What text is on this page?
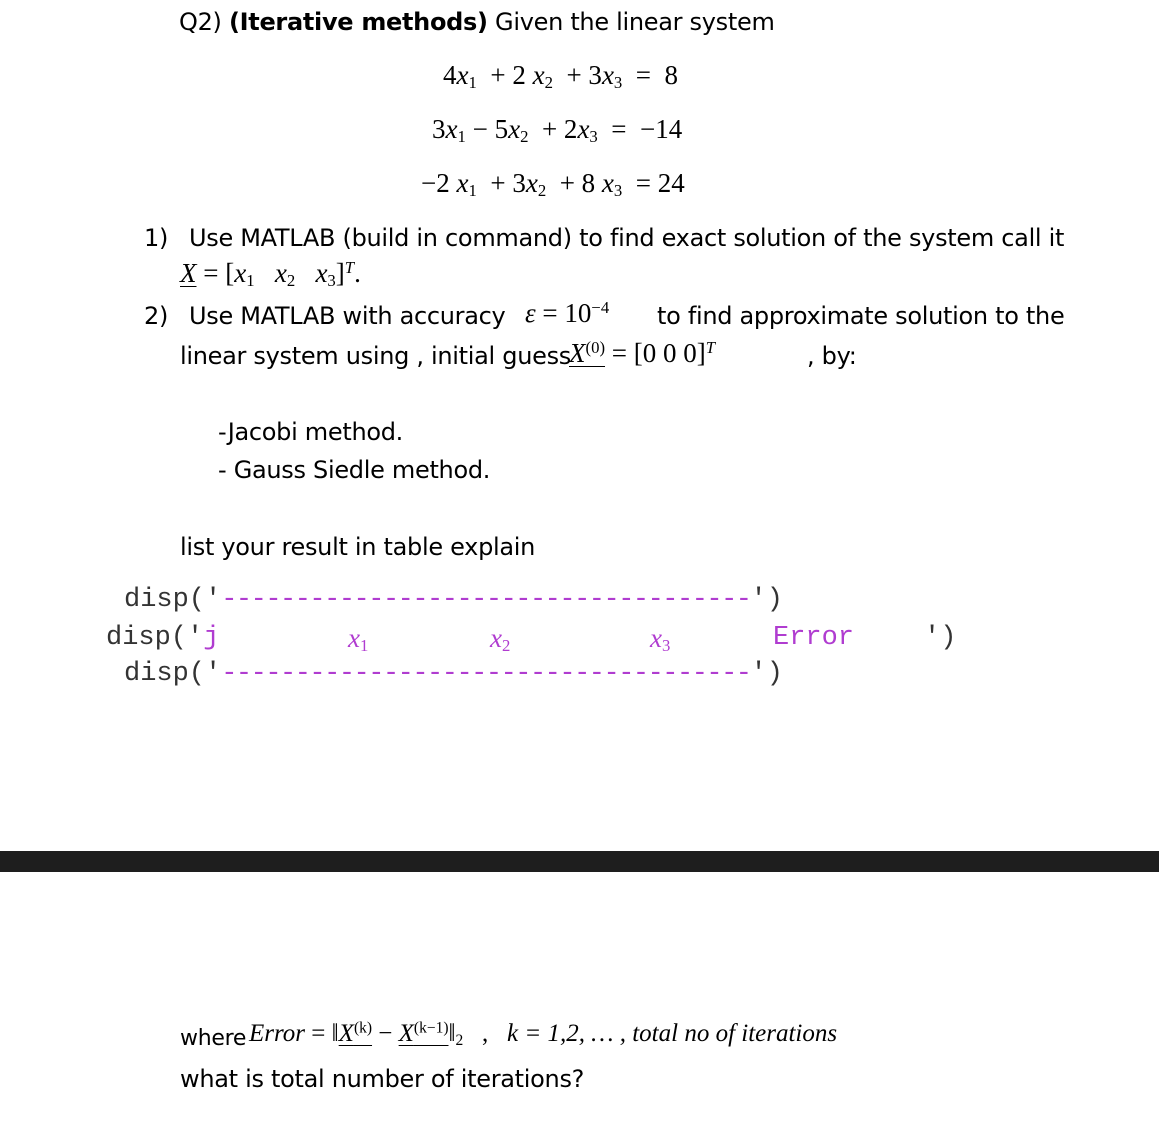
Q2) (Iterative methods) Given the linear system
$4x_1 + 2$ $x_2 + 3x_3 = 8$
$3x_1 - 5x_2 + 2x_3 = -14$
−2 $x_1 + 3x_2 + 8$ $x_3 = 24$
1) Use MATLAB (build in command) to find exact solution of the system call it
$X = [x_1$ $x_2$ $x_3]^T$.
2) Use MATLAB with accuracy $\varepsilon = 10^{-4}$ to find approximate solution to the
linear system using , initial guess
$X^{(0)} = [0$ 0 0]$^T$	, by:
-Jacobi method.
- Gauss Siedle method.
list your result in table explain
disp('------------------------------------')
disp('j	$x_1$	$x_2$	$x_3$	Error	')
disp('------------------------------------')
where Error = $‖X^{(k)}$ − $X^{(k-1)}‖_2$ , k = 1,2, … , total no of iterations
what is total number of iterations?
